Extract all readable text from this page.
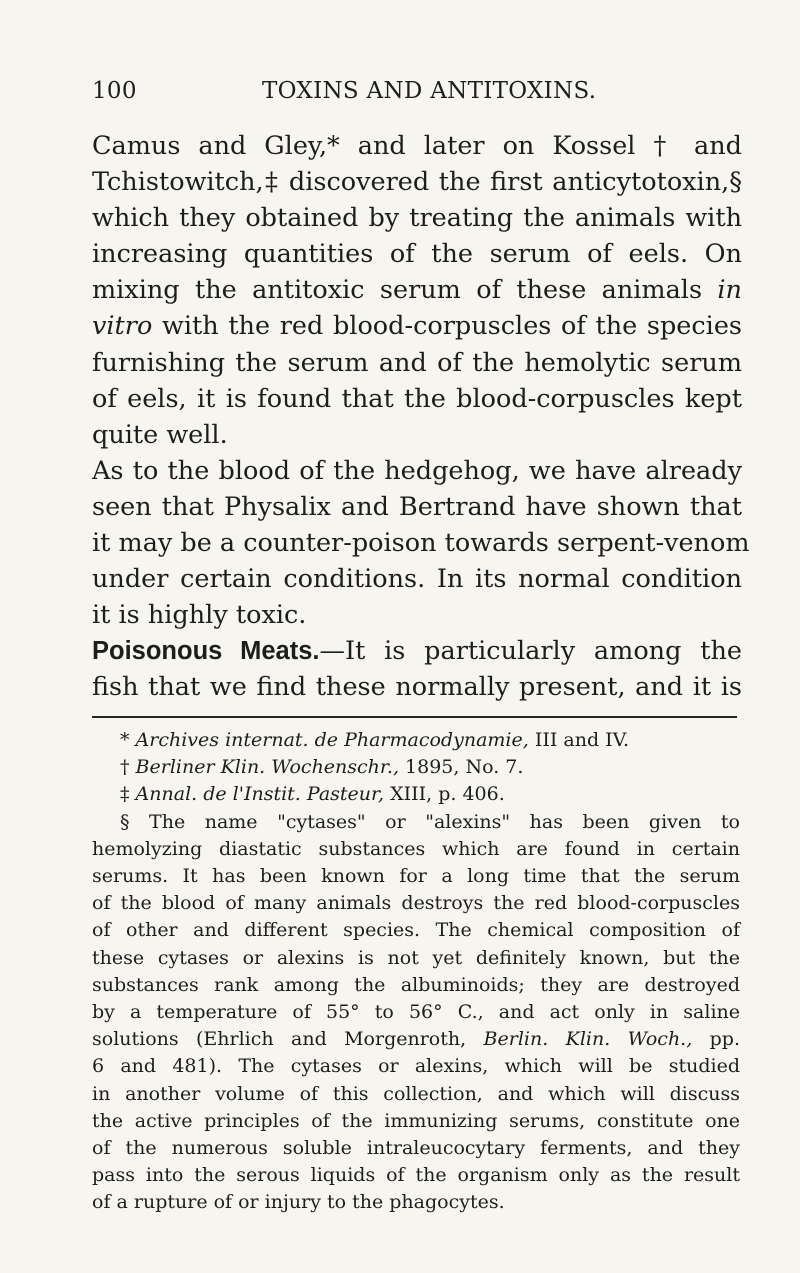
100	TOXINS AND ANTITOXINS.
Camus and Gley,* and later on Kossel † and
Tchistowitch,‡ discovered the first anticytotoxin,§
which they obtained by treating the animals with
increasing quantities of the serum of eels. On
mixing the antitoxic serum of these animals in
vitro with the red blood-corpuscles of the species
furnishing the serum and of the hemolytic serum
of eels, it is found that the blood-corpuscles kept
quite well.
As to the blood of the hedgehog, we have already
seen that Physalix and Bertrand have shown that
it may be a counter-poison towards serpent-venom
under certain conditions. In its normal condition
it is highly toxic.
Poisonous Meats.—It is particularly among the
fish that we find these normally present, and it is
* Archives internat. de Pharmacodynamie, III and IV.
† Berliner Klin. Wochenschr., 1895, No. 7.
‡ Annal. de l'Instit. Pasteur, XIII, p. 406.
§ The name "cytases" or "alexins" has been given to
hemolyzing diastatic substances which are found in certain
serums. It has been known for a long time that the serum
of the blood of many animals destroys the red blood-corpuscles
of other and different species. The chemical composition of
these cytases or alexins is not yet definitely known, but the
substances rank among the albuminoids; they are destroyed
by a temperature of 55° to 56° C., and act only in saline
solutions (Ehrlich and Morgenroth, Berlin. Klin. Woch., pp.
6 and 481). The cytases or alexins, which will be studied
in another volume of this collection, and which will discuss
the active principles of the immunizing serums, constitute one
of the numerous soluble intraleucocytary ferments, and they
pass into the serous liquids of the organism only as the result
of a rupture of or injury to the phagocytes.
